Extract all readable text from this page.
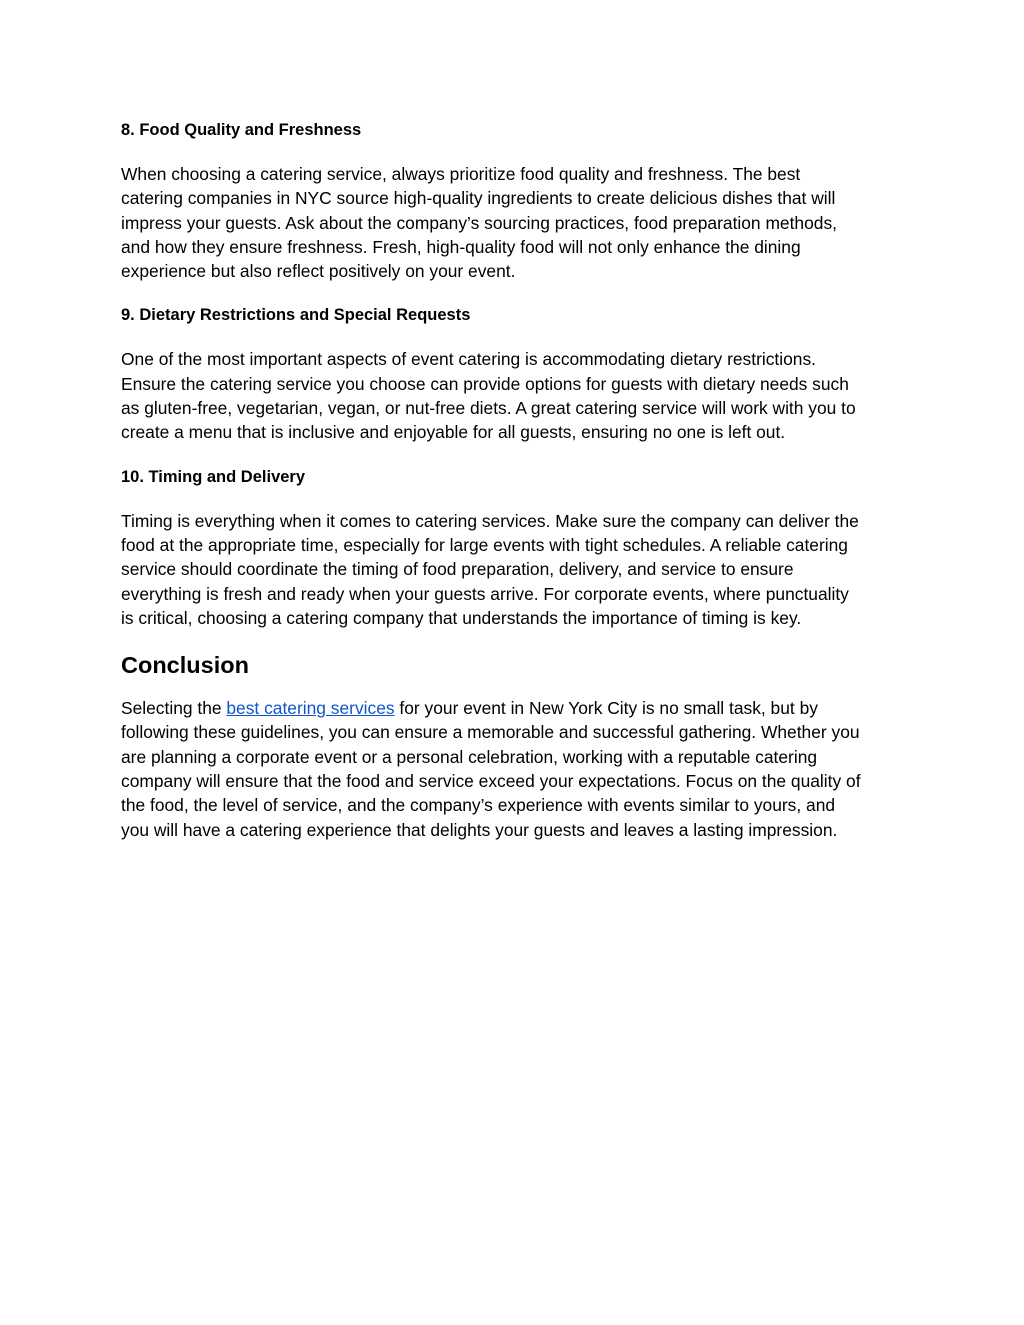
8. Food Quality and Freshness

When choosing a catering service, always prioritize food quality and freshness. The best
catering companies in NYC source high-quality ingredients to create delicious dishes that will
impress your guests. Ask about the company’s sourcing practices, food preparation methods,
and how they ensure freshness. Fresh, high-quality food will not only enhance the dining
experience but also reflect positively on your event.

9. Dietary Restrictions and Special Requests

One of the most important aspects of event catering is accommodating dietary restrictions.
Ensure the catering service you choose can provide options for guests with dietary needs such
as gluten-free, vegetarian, vegan, or nut-free diets. A great catering service will work with you to
create a menu that is inclusive and enjoyable for all guests, ensuring no one is left out.

10. Timing and Delivery

Timing is everything when it comes to catering services. Make sure the company can deliver the
food at the appropriate time, especially for large events with tight schedules. A reliable catering
service should coordinate the timing of food preparation, delivery, and service to ensure
everything is fresh and ready when your guests arrive. For corporate events, where punctuality
is critical, choosing a catering company that understands the importance of timing is key.

Conclusion

Selecting the best catering services for your event in New York City is no small task, but by
following these guidelines, you can ensure a memorable and successful gathering. Whether you
are planning a corporate event or a personal celebration, working with a reputable catering
company will ensure that the food and service exceed your expectations. Focus on the quality of
the food, the level of service, and the company’s experience with events similar to yours, and
you will have a catering experience that delights your guests and leaves a lasting impression.
